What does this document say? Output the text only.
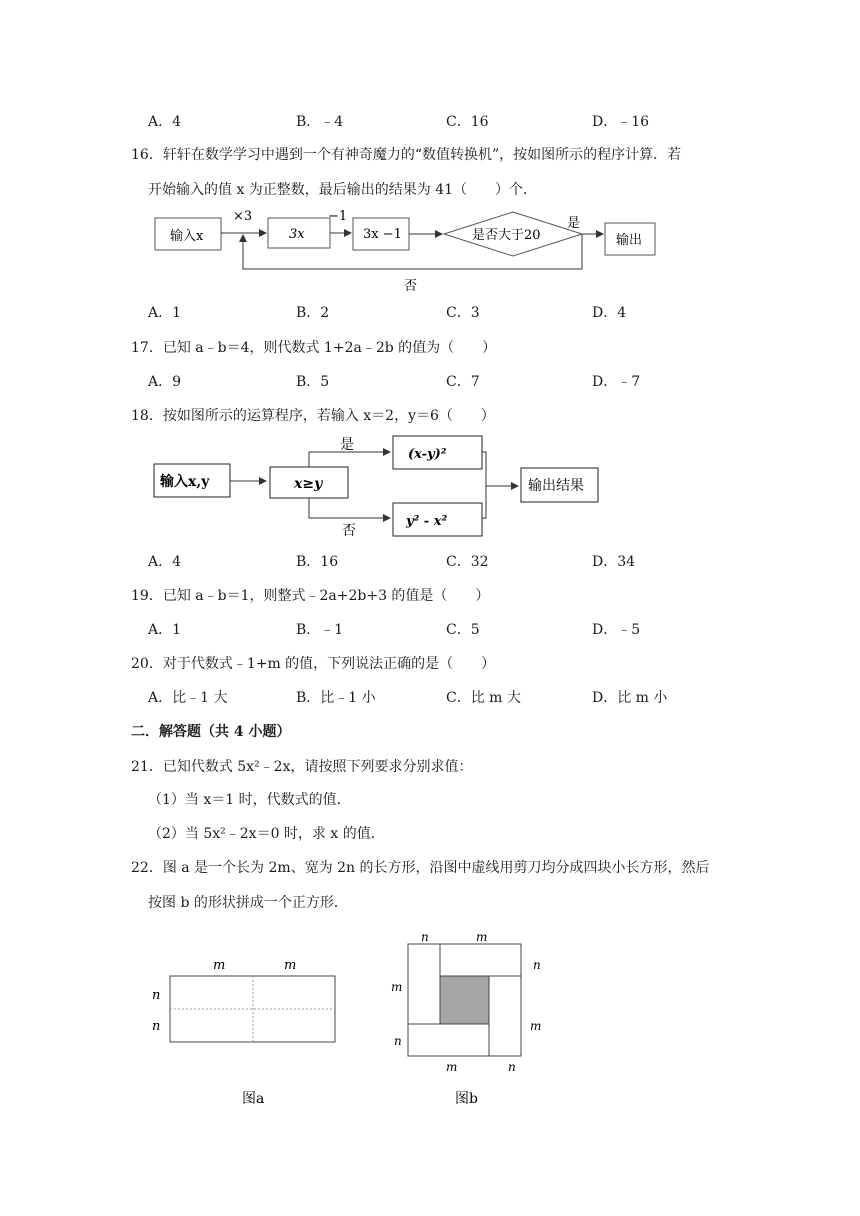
A．4	B．﹣4	C．16	D．﹣16
16．轩轩在数学学习中遇到一个有神奇魔力的“数值转换机”，按如图所示的程序计算．若
开始输入的值 x 为正整数，最后输出的结果为 41（　　）个．
输入x
×3
3x
−1
3x −1	是否大于20
是
输出
否
A．1	B．2	C．3	D．4
17．已知 a﹣b＝4，则代数式 1+2a﹣2b 的值为（　　）
A．9	B．5	C．7	D．﹣7
18．按如图所示的运算程序，若输入 x＝2，y＝6（　　）
输入x,y	x≥y
是
否
(x-y)²
y² - x²
输出结果
A．4	B．16	C．32	D．34
19．已知 a﹣b＝1，则整式﹣2a+2b+3 的值是（　　）
A．1	B．﹣1	C．5	D．﹣5
20．对于代数式﹣1+m 的值，下列说法正确的是（　　）
A．比﹣1 大	B．比﹣1 小	C．比 m 大	D．比 m 小
二．解答题（共 4 小题）
21．已知代数式 5x²﹣2x，请按照下列要求分别求值：
（1）当 x＝1 时，代数式的值．
（2）当 5x²﹣2x＝0 时，求 x 的值．
22．图 a 是一个长为 2m、宽为 2n 的长方形，沿图中虚线用剪刀均分成四块小长方形，然后
按图 b 的形状拼成一个正方形．
m	m
n
n
图a
n	m
n
m
m
n
m	n
图b
